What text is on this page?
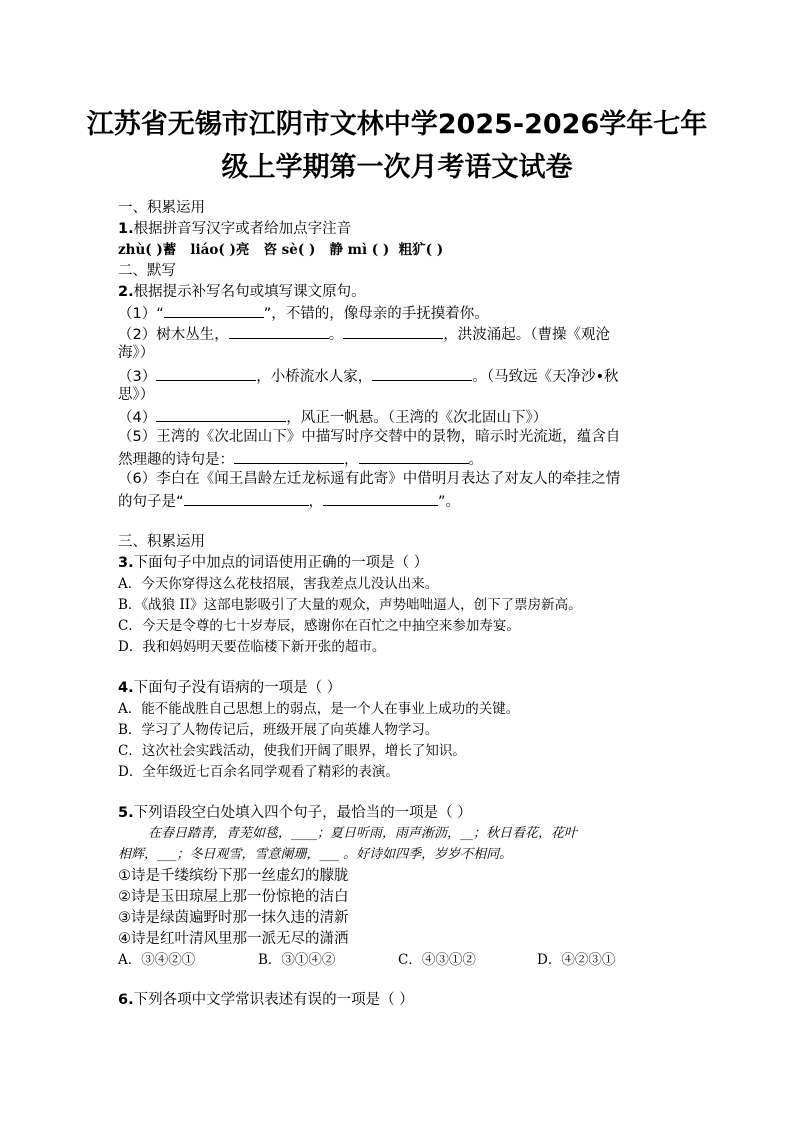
江苏省无锡市江阴市文林中学2025-2026学年七年
级上学期第一次月考语文试卷
一、积累运用
1.根据拼音写汉字或者给加点字注音
zhù( )蓄 liáo( )亮 咨 sè( ) 静 mì ( ) 粗犷( )
二、默写
2.根据提示补写名句或填写课文原句。
（1）“	”，不错的，像母亲的手抚摸着你。
（2）树木丛生，	。	，洪波涌起。（曹操《观沧
海》）
（3）	，小桥流水人家，	。（马致远《天净沙•秋
思》）
（4）	，风正一帆悬。（王湾的《次北固山下》）
（5）王湾的《次北固山下》中描写时序交替中的景物，暗示时光流逝，蕴含自
然理趣的诗句是：	，	。
（6）李白在《闻王昌龄左迁龙标遥有此寄》中借明月表达了对友人的牵挂之情
的句子是“	，	”。
三、积累运用
3.下面句子中加点的词语使用正确的一项是（ ）
A．今天你穿得这么花枝招展，害我差点儿没认出来。
B．《战狼 II》这部电影吸引了大量的观众，声势咄咄逼人，创下了票房新高。
C．今天是令尊的七十岁寿辰，感谢你在百忙之中抽空来参加寿宴。
D．我和妈妈明天要莅临楼下新开张的超市。
4.下面句子没有语病的一项是（ ）
A．能不能战胜自己思想上的弱点，是一个人在事业上成功的关键。
B．学习了人物传记后，班级开展了向英雄人物学习。
C．这次社会实践活动，使我们开阔了眼界，增长了知识。
D．全年级近七百余名同学观看了精彩的表演。
5.下列语段空白处填入四个句子，最恰当的一项是（ ）
在春日踏青，青芜如毯，____；夏日听雨，雨声淅沥，__；秋日看花，花叶
相辉，___；冬日观雪，雪意阑珊，___ 。好诗如四季，岁岁不相同。
①诗是千缕缤纷下那一丝虚幻的朦胧
②诗是玉田琼屋上那一份惊艳的洁白
③诗是绿茵遍野时那一抹久违的清新
④诗是红叶清风里那一派无尽的潇洒
A．③④②①	B．③①④②	C．④③①②	D．④②③①
6.下列各项中文学常识表述有误的一项是（ ）
